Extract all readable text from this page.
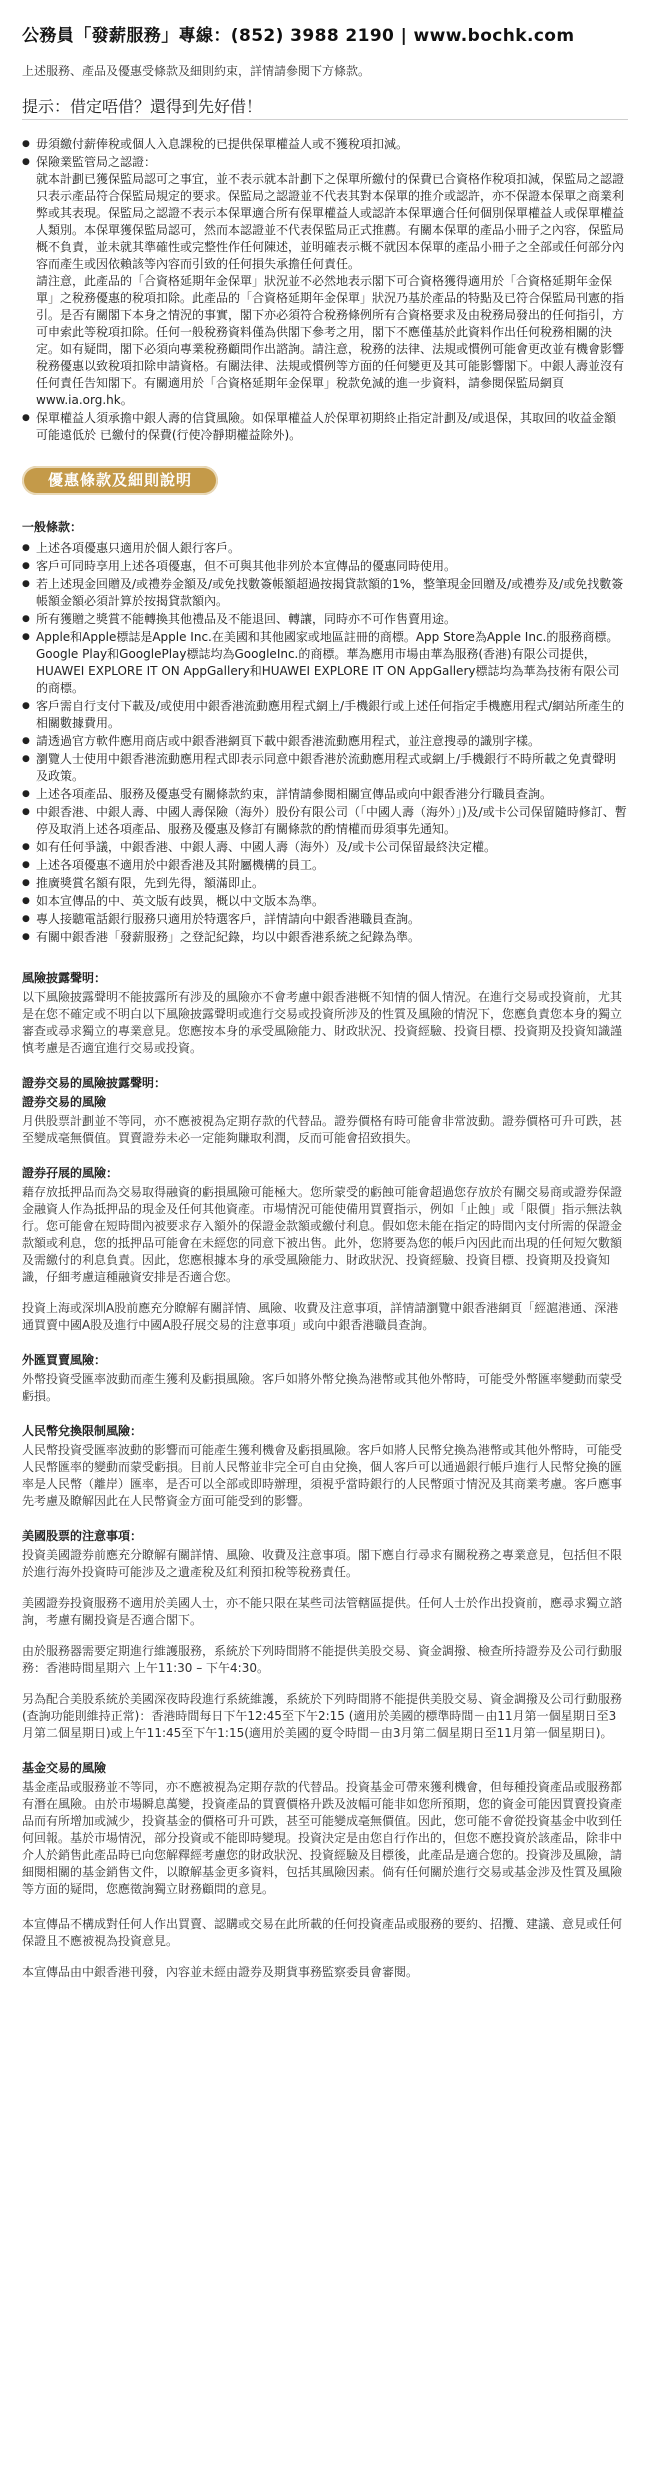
公務員「發薪服務」專線：(852) 3988 2190 | www.bochk.com
上述服務、產品及優惠受條款及細則約束，詳情請參閱下方條款。
提示：借定唔借？還得到先好借！
● 毋須繳付薪俸稅或個人入息課稅的已提供保單權益人或不獲稅項扣減。
● 保險業監管局之認證：
就本計劃已獲保監局認可之事宜，並不表示就本計劃下之保單所繳付的保費已合資格作稅項扣減，保監局之認證只表示產品符合保監局規定的要求。保監局之認證並不代表其對本保單的推介或認許，亦不保證本保單之商業利弊或其表現。保監局之認證不表示本保單適合所有保單權益人或認許本保單適合任何個別保單權益人或保單權益人類別。本保單獲保監局認可，然而本認證並不代表保監局正式推薦。有關本保單的產品小冊子之內容，保監局概不負責，並未就其準確性或完整性作任何陳述，並明確表示概不就因本保單的產品小冊子之全部或任何部分內容而產生或因依賴該等內容而引致的任何損失承擔任何責任。
請注意，此產品的「合資格延期年金保單」狀況並不必然地表示閣下可合資格獲得適用於「合資格延期年金保單」之稅務優惠的稅項扣除。此產品的「合資格延期年金保單」狀況乃基於產品的特點及已符合保監局刊憲的指引。是否有關閣下本身之情況的事實，閣下亦必須符合稅務條例所有合資格要求及由稅務局發出的任何指引，方可申索此等稅項扣除。任何一般稅務資料僅為供閣下參考之用，閣下不應僅基於此資料作出任何稅務相關的決定。如有疑問，閣下必須向專業稅務顧問作出諮詢。請注意，稅務的法律、法規或慣例可能會更改並有機會影響稅務優惠以致稅項扣除申請資格。有關法律、法規或慣例等方面的任何變更及其可能影響閣下。中銀人壽並沒有任何責任告知閣下。有關適用於「合資格延期年金保單」稅款免減的進一步資料，請參閱保監局網頁www.ia.org.hk。
● 保單權益人須承擔中銀人壽的信貸風險。如保單權益人於保單初期終止指定計劃及/或退保，其取回的收益金額可能遠低於 已繳付的保費(行使冷靜期權益除外)。
優惠條款及細則說明
一般條款：
● 上述各項優惠只適用於個人銀行客戶。
● 客戶可同時享用上述各項優惠，但不可與其他非列於本宣傳品的優惠同時使用。
● 若上述現金回贈及/或禮券金額及/或免找數簽帳額超過按揭貸款額的1%，整筆現金回贈及/或禮券及/或免找數簽帳額金額必須計算於按揭貸款額內。
● 所有獲贈之獎賞不能轉換其他禮品及不能退回、轉讓，同時亦不可作售賣用途。
● Apple和Apple標誌是Apple Inc.在美國和其他國家或地區註冊的商標。App Store為Apple Inc.的服務商標。Google Play和GooglePlay標誌均為GoogleInc.的商標。華為應用市場由華為服務(香港)有限公司提供，HUAWEI EXPLORE IT ON AppGallery和HUAWEI EXPLORE IT ON AppGallery標誌均為華為技術有限公司的商標。
● 客戶需自行支付下載及/或使用中銀香港流動應用程式網上/手機銀行或上述任何指定手機應用程式/網站所產生的相關數據費用。
● 請透過官方軟件應用商店或中銀香港網頁下載中銀香港流動應用程式，並注意搜尋的識別字樣。
● 瀏覽人士使用中銀香港流動應用程式即表示同意中銀香港於流動應用程式或網上/手機銀行不時所載之免責聲明及政策。
● 上述各項產品、服務及優惠受有關條款約束，詳情請參閱相關宣傳品或向中銀香港分行職員查詢。
● 中銀香港、中銀人壽、中國人壽保險（海外）股份有限公司（「中國人壽（海外）」)及/或卡公司保留隨時修訂、暫停及取消上述各項產品、服務及優惠及修訂有關條款的酌情權而毋須事先通知。
● 如有任何爭議，中銀香港、中銀人壽、中國人壽（海外）及/或卡公司保留最終決定權。
● 上述各項優惠不適用於中銀香港及其附屬機構的員工。
● 推廣獎賞名額有限，先到先得，額滿即止。
● 如本宣傳品的中、英文版有歧異，概以中文版本為準。
● 專人接聽電話銀行服務只適用於特選客戶，詳情請向中銀香港職員查詢。
● 有關中銀香港「發薪服務」之登記紀錄，均以中銀香港系統之紀錄為準。
風險披露聲明：

以下風險披露聲明不能披露所有涉及的風險亦不會考慮中銀香港概不知情的個人情況。在進行交易或投資前，尤其是在您不確定或不明白以下風險披露聲明或進行交易或投資所涉及的性質及風險的情況下，您應負責您本身的獨立審查或尋求獨立的專業意見。您應按本身的承受風險能力、財政狀況、投資經驗、投資目標、投資期及投資知識謹慎考慮是否適宜進行交易或投資。

證券交易的風險披露聲明：
證券交易的風險

月供股票計劃並不等同，亦不應被視為定期存款的代替品。證券價格有時可能會非常波動。證券價格可升可跌，甚至變成毫無價值。買賣證券未必一定能夠賺取利潤，反而可能會招致損失。

證券孖展的風險：

藉存放抵押品而為交易取得融資的虧損風險可能極大。您所蒙受的虧蝕可能會超過您存放於有關交易商或證券保證金融資人作為抵押品的現金及任何其他資產。市場情況可能使備用買賣指示，例如「止蝕」或「限價」指示無法執行。您可能會在短時間內被要求存入額外的保證金款額或繳付利息。假如您未能在指定的時間內支付所需的保證金款額或利息，您的抵押品可能會在未經您的同意下被出售。此外，您將要為您的帳戶內因此而出現的任何短欠數額及需繳付的利息負責。因此，您應根據本身的承受風險能力、財政狀況、投資經驗、投資目標、投資期及投資知識，仔細考慮這種融資安排是否適合您。

投資上海或深圳A股前應充分瞭解有關詳情、風險、收費及注意事項，詳情請瀏覽中銀香港網頁「經滬港通、深港通買賣中國A股及進行中國A股孖展交易的注意事項」或向中銀香港職員查詢。

外匯買賣風險：

外幣投資受匯率波動而產生獲利及虧損風險。客戶如將外幣兌換為港幣或其他外幣時，可能受外幣匯率變動而蒙受虧損。

人民幣兌換限制風險：

人民幣投資受匯率波動的影響而可能產生獲利機會及虧損風險。客戶如將人民幣兌換為港幣或其他外幣時，可能受人民幣匯率的變動而蒙受虧損。目前人民幣並非完全可自由兌換，個人客戶可以通過銀行帳戶進行人民幣兌換的匯率是人民幣（離岸）匯率，是否可以全部或即時辦理，須視乎當時銀行的人民幣頭寸情況及其商業考慮。客戶應事先考慮及瞭解因此在人民幣資金方面可能受到的影響。

美國股票的注意事項：

投資美國證券前應充分瞭解有關詳情、風險、收費及注意事項。閣下應自行尋求有關稅務之專業意見，包括但不限於進行海外投資時可能涉及之遺產稅及紅利預扣稅等稅務責任。

美國證券投資服務不適用於美國人士，亦不能只限在某些司法管轄區提供。任何人士於作出投資前，應尋求獨立諮詢，考慮有關投資是否適合閣下。

由於服務器需要定期進行維護服務，系統於下列時間將不能提供美股交易、資金調撥、檢查所持證券及公司行動服務：香港時間星期六 上午11:30 – 下午4:30。

另為配合美股系統於美國深夜時段進行系統維護，系統於下列時間將不能提供美股交易、資金調撥及公司行動服務(查詢功能則維持正常)：香港時間每日下午12:45至下午2:15 (適用於美國的標準時間－由11月第一個星期日至3月第二個星期日)或上午11:45至下午1:15(適用於美國的夏令時間－由3月第二個星期日至11月第一個星期日)。

基金交易的風險

基金產品或服務並不等同，亦不應被視為定期存款的代替品。投資基金可帶來獲利機會，但每種投資產品或服務都有潛在風險。由於市場瞬息萬變，投資產品的買賣價格升跌及波幅可能非如您所預期，您的資金可能因買賣投資產品而有所增加或減少，投資基金的價格可升可跌，甚至可能變成毫無價值。因此，您可能不會從投資基金中收到任何回報。基於市場情況，部分投資或不能即時變現。投資決定是由您自行作出的，但您不應投資於該產品，除非中介人於銷售此產品時已向您解釋經考慮您的財政狀況、投資經驗及目標後，此產品是適合您的。投資涉及風險，請細閱相關的基金銷售文件，以瞭解基金更多資料，包括其風險因素。倘有任何關於進行交易或基金涉及性質及風險等方面的疑問，您應徵詢獨立財務顧問的意見。

本宣傳品不構成對任何人作出買賣、認購或交易在此所載的任何投資產品或服務的要約、招攬、建議、意見或任何保證且不應被視為投資意見。

本宣傳品由中銀香港刊發，內容並未經由證券及期貨事務監察委員會審閱。
